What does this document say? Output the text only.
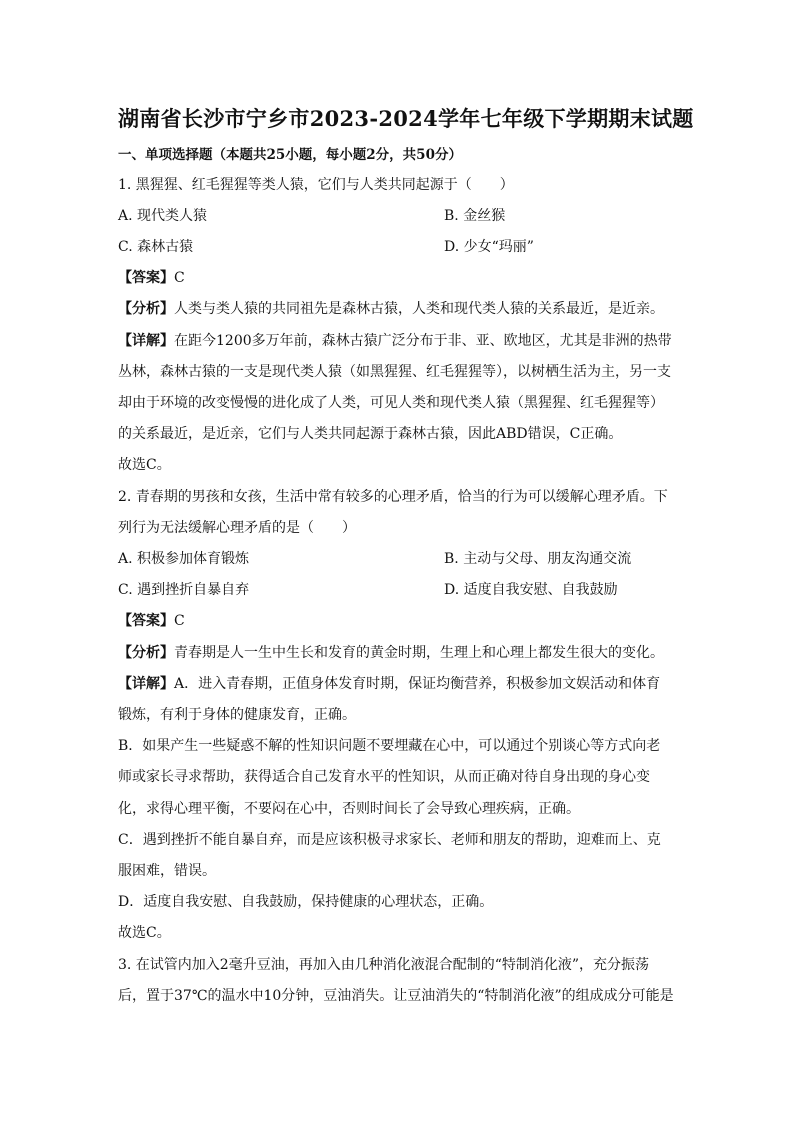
湖南省长沙市宁乡市2023-2024学年七年级下学期期末试题
一、单项选择题（本题共25小题，每小题2分，共50分）
1. 黑猩猩、红毛猩猩等类人猿，它们与人类共同起源于（　　）
A. 现代类人猿	B. 金丝猴
C. 森林古猿	D. 少女“玛丽”
【答案】C
【分析】人类与类人猿的共同祖先是森林古猿，人类和现代类人猿的关系最近，是近亲。
【详解】在距今1200多万年前，森林古猿广泛分布于非、亚、欧地区，尤其是非洲的热带
丛林，森林古猿的一支是现代类人猿（如黑猩猩、红毛猩猩等），以树栖生活为主，另一支
却由于环境的改变慢慢的进化成了人类，可见人类和现代类人猿（黑猩猩、红毛猩猩等）
的关系最近，是近亲，它们与人类共同起源于森林古猿，因此ABD错误，C正确。
故选C。
2. 青春期的男孩和女孩，生活中常有较多的心理矛盾，恰当的行为可以缓解心理矛盾。下
列行为无法缓解心理矛盾的是（　　）
A. 积极参加体育锻炼	B. 主动与父母、朋友沟通交流
C. 遇到挫折自暴自弃	D. 适度自我安慰、自我鼓励
【答案】C
【分析】青春期是人一生中生长和发育的黄金时期，生理上和心理上都发生很大的变化。
【详解】A．进入青春期，正值身体发育时期，保证均衡营养，积极参加文娱活动和体育
锻炼，有利于身体的健康发育，正确。
B．如果产生一些疑惑不解的性知识问题不要埋藏在心中，可以通过个别谈心等方式向老
师或家长寻求帮助，获得适合自己发育水平的性知识，从而正确对待自身出现的身心变
化，求得心理平衡，不要闷在心中，否则时间长了会导致心理疾病，正确。
C．遇到挫折不能自暴自弃，而是应该积极寻求家长、老师和朋友的帮助，迎难而上、克
服困难，错误。
D．适度自我安慰、自我鼓励，保持健康的心理状态，正确。
故选C。
3. 在试管内加入2毫升豆油，再加入由几种消化液混合配制的“特制消化液”，充分振荡
后，置于37℃的温水中10分钟，豆油消失。让豆油消失的“特制消化液”的组成成分可能是
